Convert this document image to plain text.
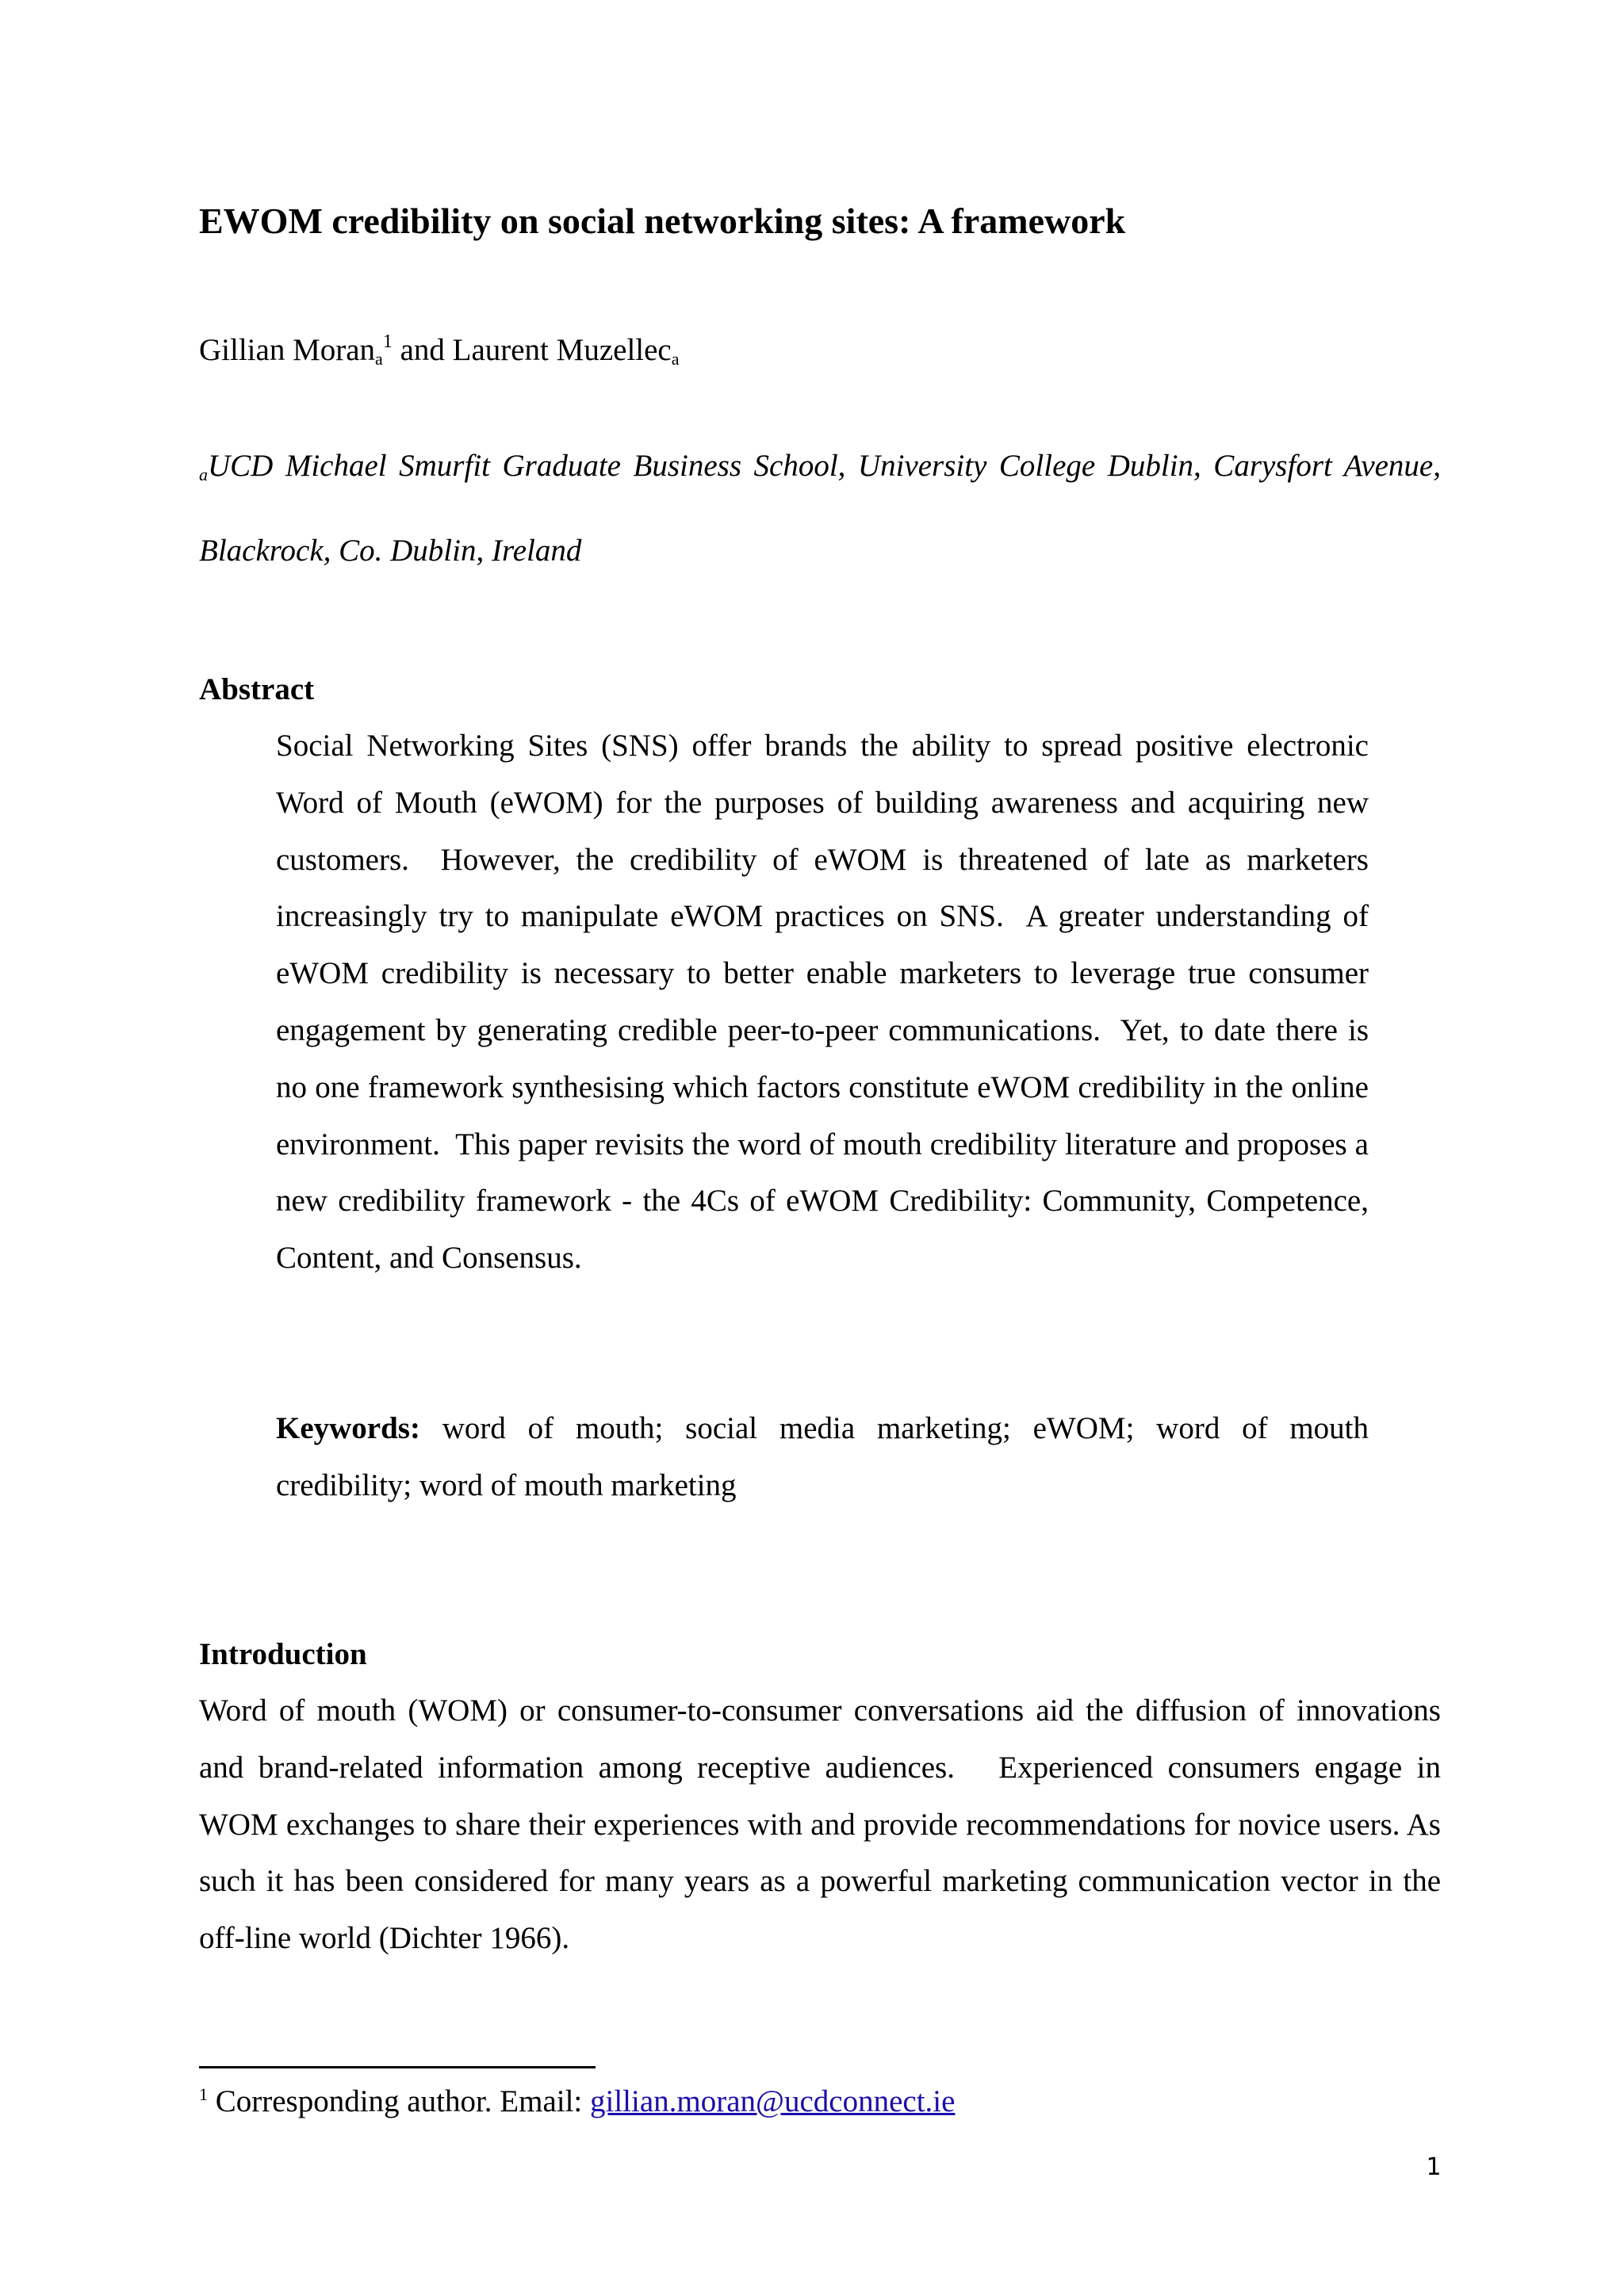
EWOM credibility on social networking sites: A framework
Gillian Morana$^1$ and Laurent Muzelleca
aUCD Michael Smurfit Graduate Business School, University College Dublin, Carysfort Avenue, Blackrock, Co. Dublin, Ireland
Abstract

Social Networking Sites (SNS) offer brands the ability to spread positive electronic Word of Mouth (eWOM) for the purposes of building awareness and acquiring new customers.  However, the credibility of eWOM is threatened of late as marketers increasingly try to manipulate eWOM practices on SNS.  A greater understanding of eWOM credibility is necessary to better enable marketers to leverage true consumer engagement by generating credible peer-to-peer communications.  Yet, to date there is no one framework synthesising which factors constitute eWOM credibility in the online environment.  This paper revisits the word of mouth credibility literature and proposes a new credibility framework - the 4Cs of eWOM Credibility: Community, Competence, Content, and Consensus.

Keywords: word of mouth; social media marketing; eWOM; word of mouth credibility; word of mouth marketing

Introduction

Word of mouth (WOM) or consumer-to-consumer conversations aid the diffusion of innovations and brand-related information among receptive audiences.   Experienced consumers engage in WOM exchanges to share their experiences with and provide recommendations for novice users. As such it has been considered for many years as a powerful marketing communication vector in the off-line world (Dichter 1966).

$^1$ Corresponding author. Email: gillian.moran@ucdconnect.ie
1
